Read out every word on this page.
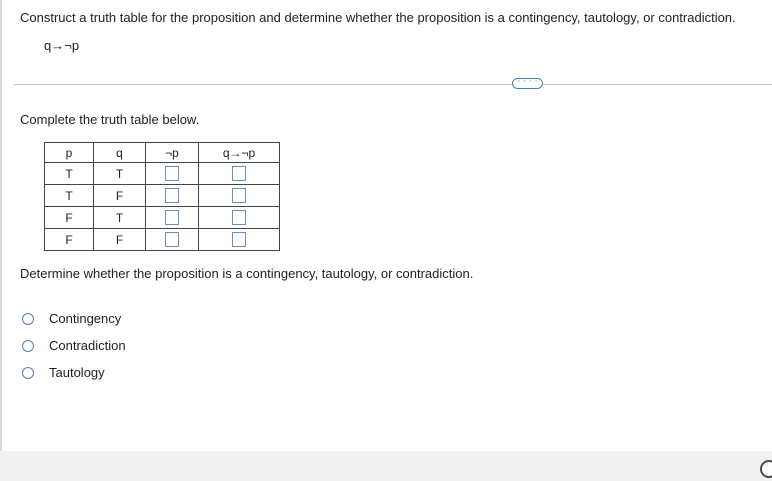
Construct a truth table for the proposition and determine whether the proposition is a contingency, tautology, or contradiction.
q→¬p
· · · ·
Complete the truth table below.
p	q	¬p	q→¬p
T	T		
T	F		
F	T		
F	F		
Determine whether the proposition is a contingency, tautology, or contradiction.
Contingency
Contradiction
Tautology
